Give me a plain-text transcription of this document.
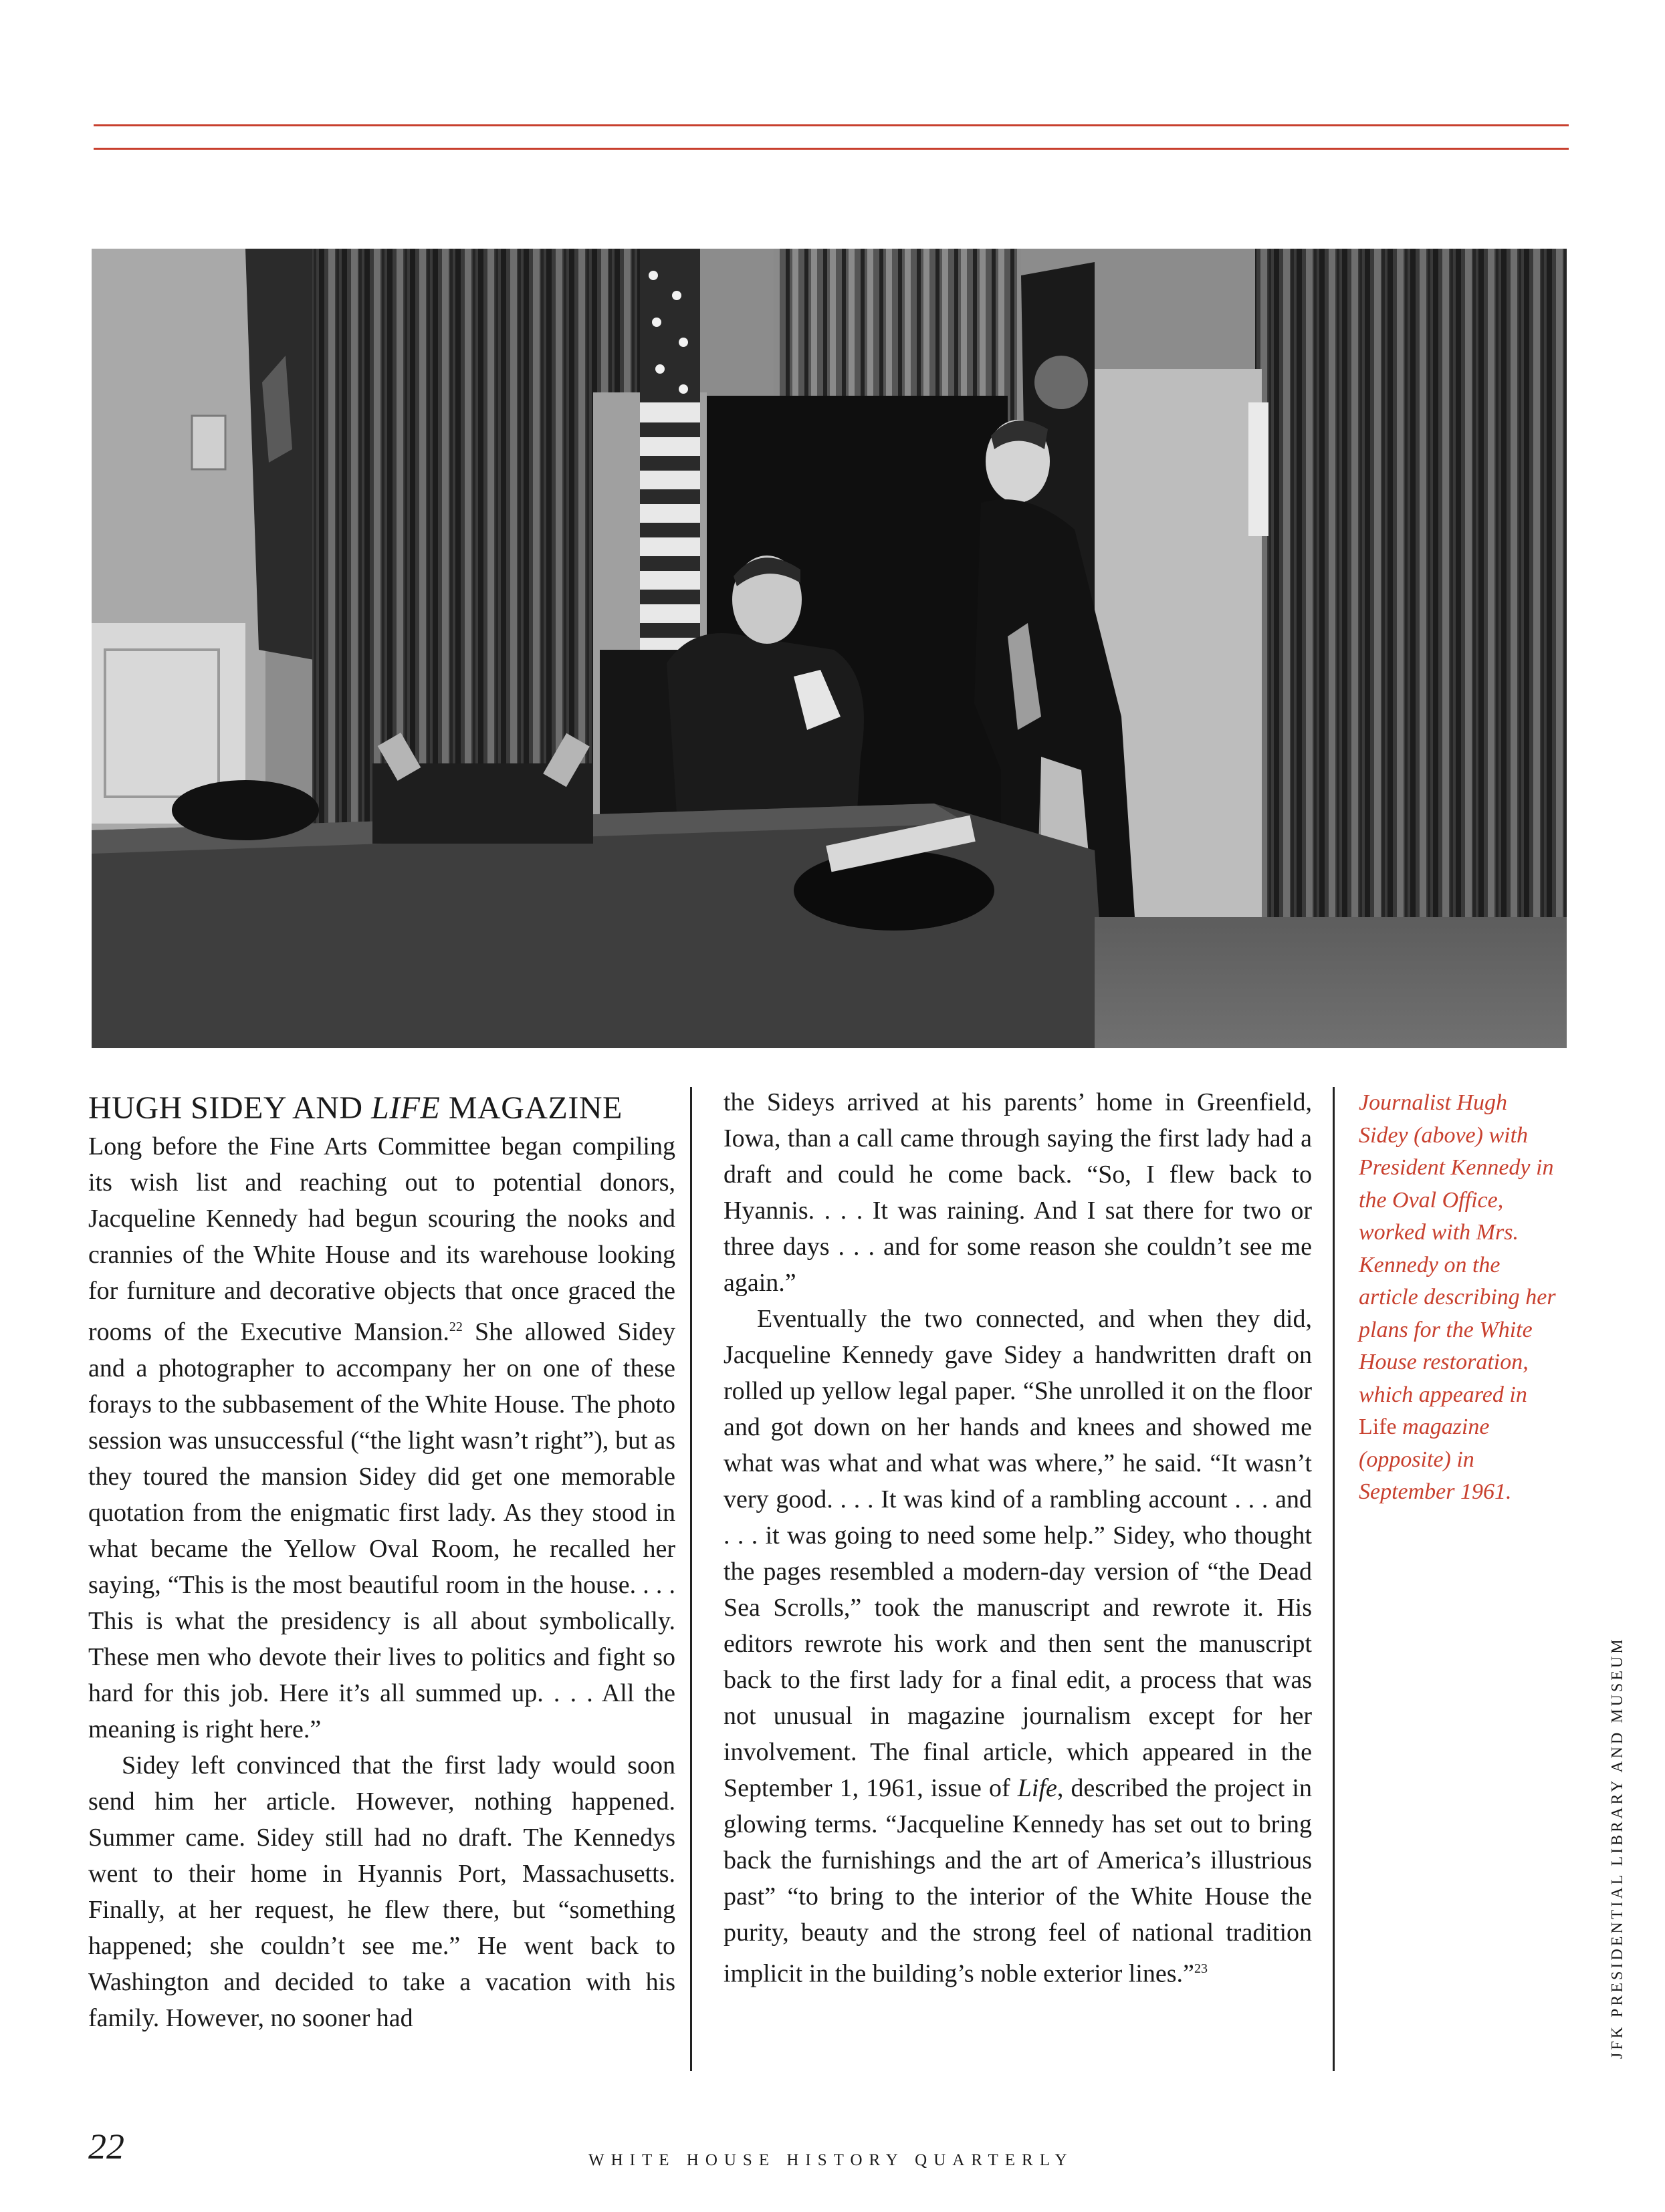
HUGH SIDEY AND LIFE MAGAZINE

Long before the Fine Arts Committee began compiling its wish list and reaching out to potential donors, Jacqueline Kennedy had begun scouring the nooks and crannies of the White House and its warehouse looking for furniture and decorative objects that once graced the rooms of the Executive Mansion.$^{22}$ She allowed Sidey and a photographer to accompany her on one of these forays to the subbasement of the White House. The photo session was unsuccessful (“the light wasn’t right”), but as they toured the mansion Sidey did get one memorable quotation from the enigmatic first lady. As they stood in what became the Yellow Oval Room, he recalled her saying, “This is the most beautiful room in the house. . . . This is what the presidency is all about symbolically. These men who devote their lives to politics and fight so hard for this job. Here it’s all summed up. . . . All the meaning is right here.”

Sidey left convinced that the first lady would soon send him her article. However, nothing happened. Summer came. Sidey still had no draft. The Kennedys went to their home in Hyannis Port, Massachusetts. Finally, at her request, he flew there, but “something happened; she couldn’t see me.” He went back to Washington and decided to take a vacation with his family. However, no sooner had

the Sideys arrived at his parents’ home in Greenfield, Iowa, than a call came through saying the first lady had a draft and could he come back. “So, I flew back to Hyannis. . . . It was raining. And I sat there for two or three days . . . and for some reason she couldn’t see me again.”

Eventually the two connected, and when they did, Jacqueline Kennedy gave Sidey a handwritten draft on rolled up yellow legal paper. “She unrolled it on the floor and got down on her hands and knees and showed me what was what and what was where,” he said. “It wasn’t very good. . . . It was kind of a rambling account . . . and . . . it was going to need some help.” Sidey, who thought the pages resembled a modern-day version of “the Dead Sea Scrolls,” took the manuscript and rewrote it. His editors rewrote his work and then sent the manuscript back to the first lady for a final edit, a process that was not unusual in magazine journalism except for her involvement. The final article, which appeared in the September 1, 1961, issue of Life, described the project in glowing terms. “Jacqueline Kennedy has set out to bring back the furnishings and the art of America’s illustrious past” “to bring to the interior of the White House the purity, beauty and the strong feel of national tradition implicit in the building’s noble exterior lines.”$^{23}$

Journalist Hugh Sidey (above) with President Kennedy in the Oval Office, worked with Mrs. Kennedy on the article describing her plans for the White House restoration, which appeared in Life magazine (opposite) in September 1961.

JFK PRESIDENTIAL LIBRARY AND MUSEUM
22	WHITE HOUSE HISTORY QUARTERLY
